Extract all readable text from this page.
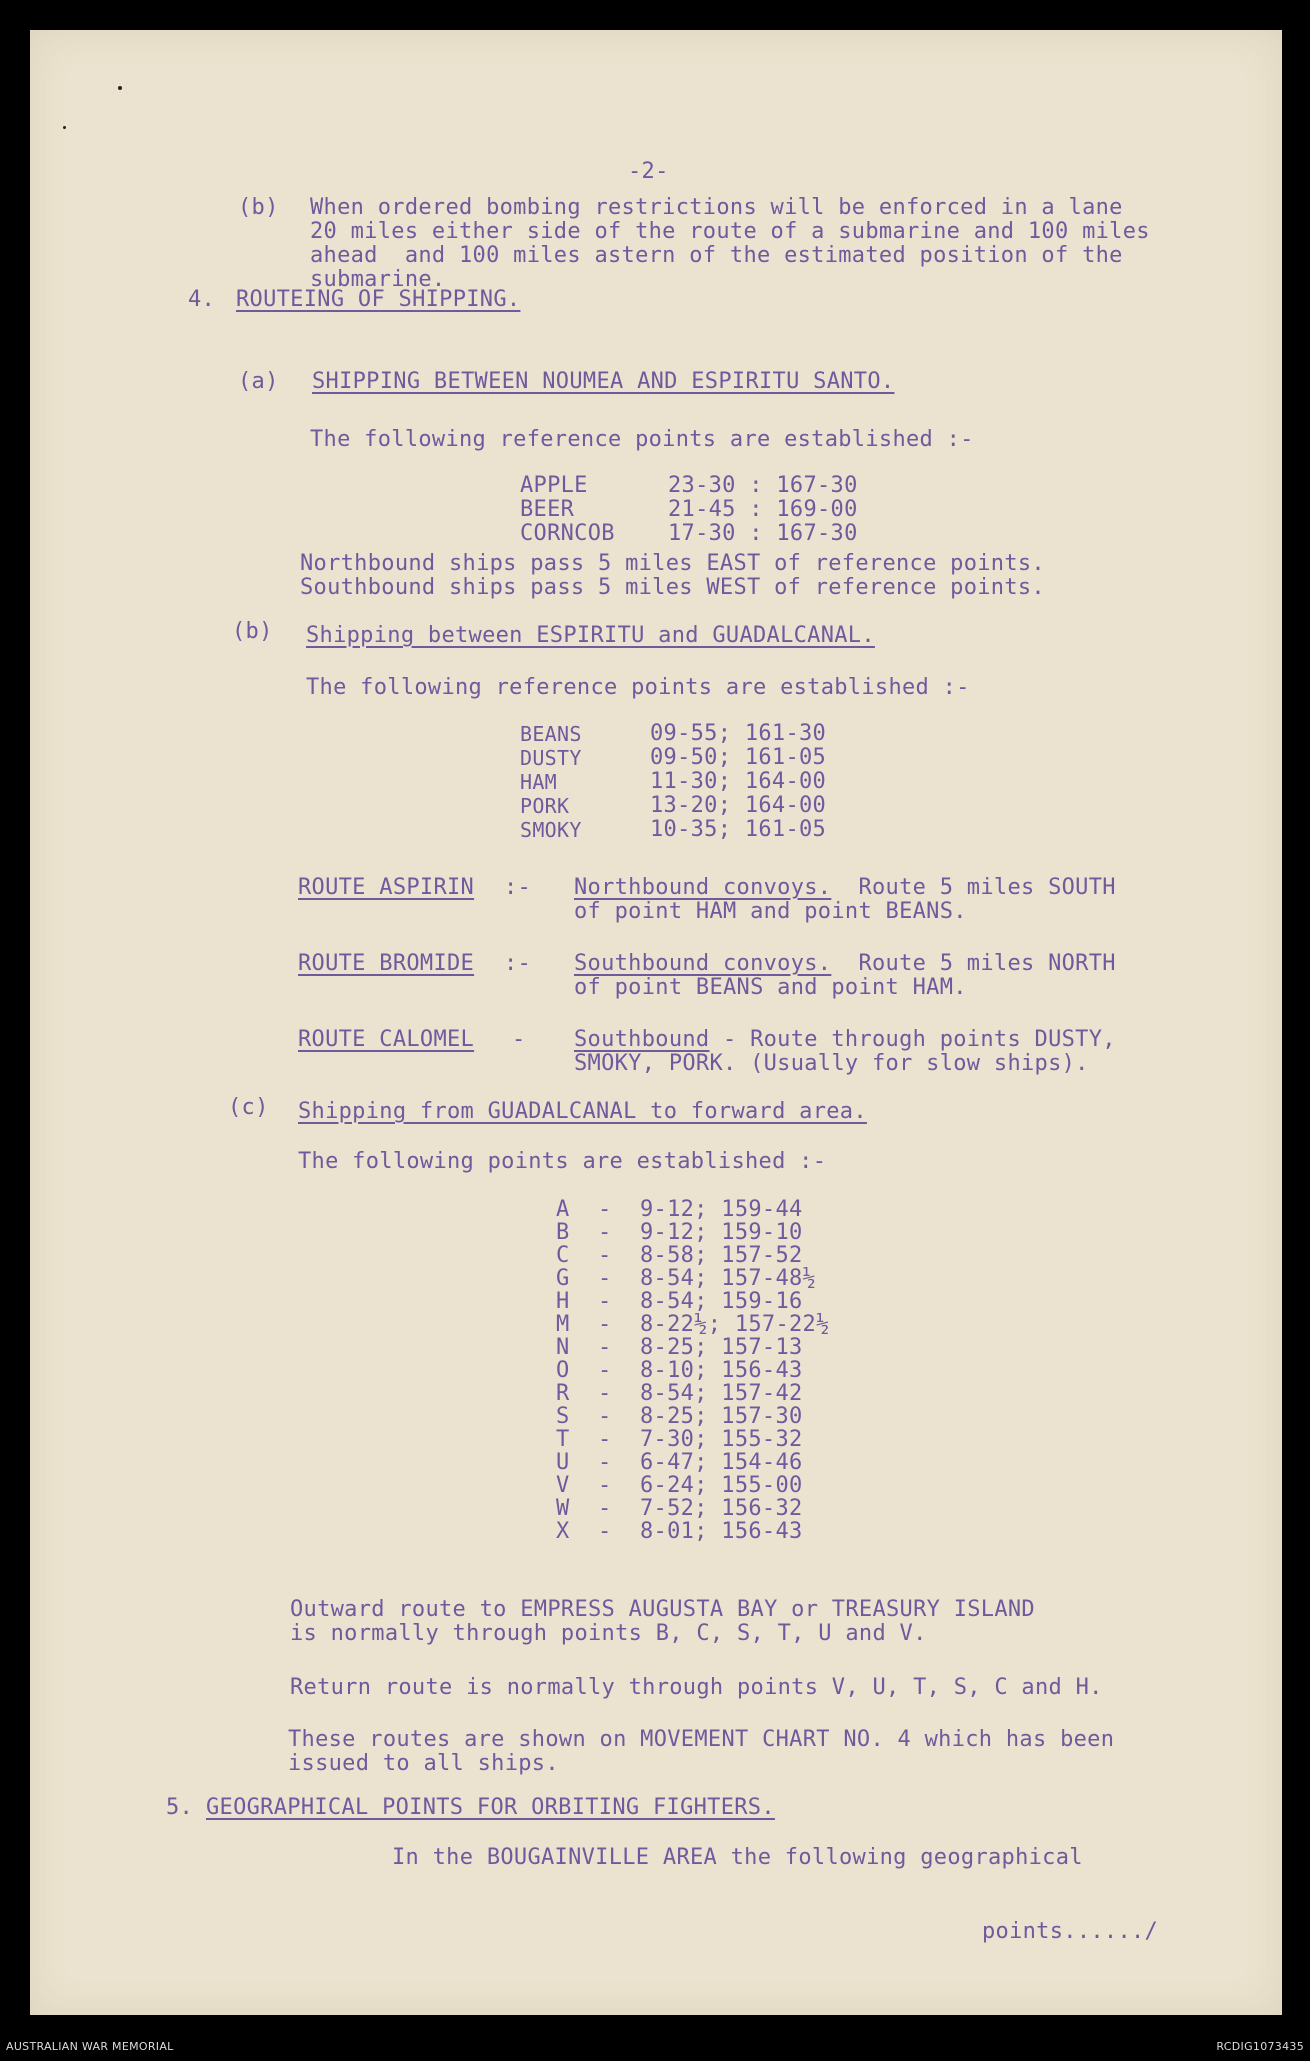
-2-
(b) When ordered bombing restrictions will be enforced in a lane
20 miles either side of the route of a submarine and 100 miles
ahead  and 100 miles astern of the estimated position of the
submarine.
4. ROUTEING OF SHIPPING.
(a) SHIPPING BETWEEN NOUMEA AND ESPIRITU SANTO.
The following reference points are established :-
APPLE	23-30 : 167-30
BEER	21-45 : 169-00
CORNCOB 17-30 : 167-30
Northbound ships pass 5 miles EAST of reference points.
Southbound ships pass 5 miles WEST of reference points.
(b) Shipping between ESPIRITU and GUADALCANAL.
The following reference points are established :-
BEANS	09-55; 161-30
DUSTY	09-50; 161-05
HAM	11-30; 164-00
PORK	13-20; 164-00
SMOKY	10-35; 161-05
ROUTE ASPIRIN :- Northbound convoys.  Route 5 miles SOUTH
of point HAM and point BEANS.
ROUTE BROMIDE :- Southbound convoys.  Route 5 miles NORTH
of point BEANS and point HAM.
ROUTE CALOMEL - Southbound - Route through points DUSTY,
SMOKY, PORK. (Usually for slow ships).
(c) Shipping from GUADALCANAL to forward area.
The following points are established :-
A - 9-12; 159-44
B - 9-12; 159-10
C - 8-58; 157-52
G - 8-54; 157-48½
H - 8-54; 159-16
M - 8-22½; 157-22½
N - 8-25; 157-13
O - 8-10; 156-43
R - 8-54; 157-42
S - 8-25; 157-30
T - 7-30; 155-32
U - 6-47; 154-46
V - 6-24; 155-00
W - 7-52; 156-32
X - 8-01; 156-43
Outward route to EMPRESS AUGUSTA BAY or TREASURY ISLAND
is normally through points B, C, S, T, U and V.
Return route is normally through points V, U, T, S, C and H.
These routes are shown on MOVEMENT CHART NO. 4 which has been
issued to all ships.
5. GEOGRAPHICAL POINTS FOR ORBITING FIGHTERS.
In the BOUGAINVILLE AREA the following geographical
points....../
AUSTRALIAN WAR MEMORIAL	RCDIG1073435
